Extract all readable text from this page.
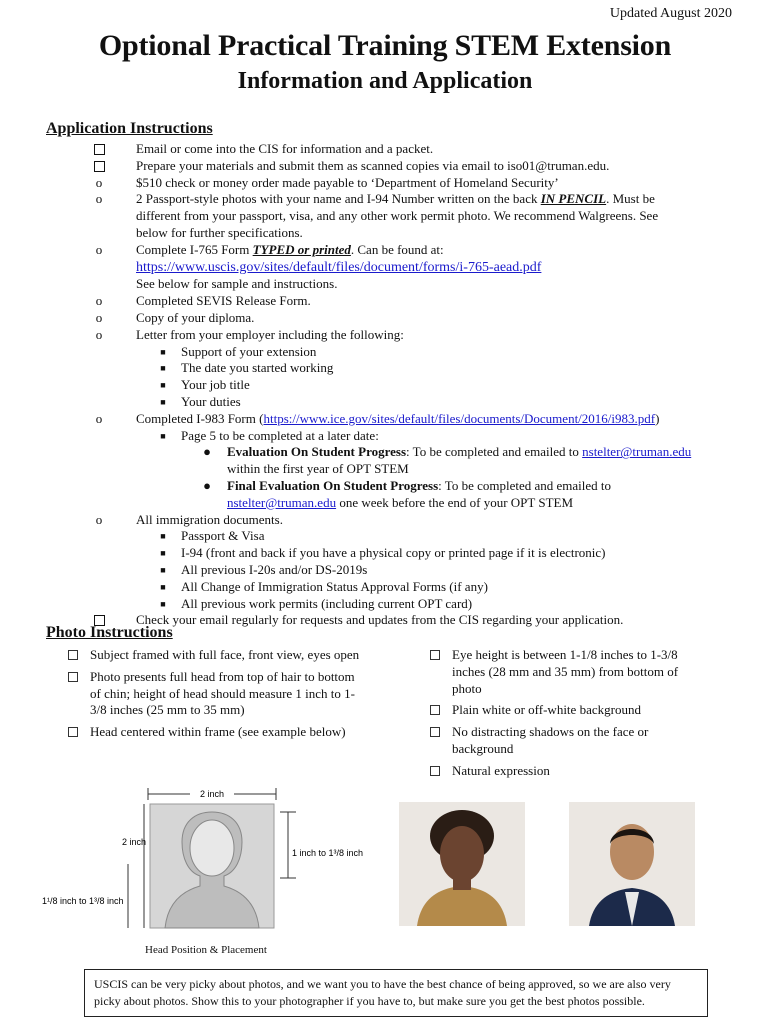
Updated August 2020
Optional Practical Training STEM Extension
Information and Application
Application Instructions
Email or come into the CIS for information and a packet.
Prepare your materials and submit them as scanned copies via email to iso01@truman.edu.
o	$510 check or money order made payable to ‘Department of Homeland Security’
o	2 Passport-style photos with your name and I-94 Number written on the back IN PENCIL. Must be
different from your passport, visa, and any other work permit photo. We recommend Walgreens. See
below for further specifications.
o	Complete I-765 Form TYPED or printed. Can be found at:
https://www.uscis.gov/sites/default/files/document/forms/i-765-aead.pdf
See below for sample and instructions.
o	Completed SEVIS Release Form.
o	Copy of your diploma.
o	Letter from your employer including the following:
■	Support of your extension
■	The date you started working
■	Your job title
■	Your duties
o	Completed I-983 Form (https://www.ice.gov/sites/default/files/documents/Document/2016/i983.pdf)
■	Page 5 to be completed at a later date:
● Evaluation On Student Progress: To be completed and emailed to nstelter@truman.edu
within the first year of OPT STEM
● Final Evaluation On Student Progress: To be completed and emailed to
nstelter@truman.edu one week before the end of your OPT STEM
o	All immigration documents.
■	Passport & Visa
■	I-94 (front and back if you have a physical copy or printed page if it is electronic)
■	All previous I-20s and/or DS-2019s
■	All Change of Immigration Status Approval Forms (if any)
■	All previous work permits (including current OPT card)
Check your email regularly for requests and updates from the CIS regarding your application.
Photo Instructions
Subject framed with full face, front view, eyes open
Photo presents full head from top of hair to bottom of chin; height of head should measure 1 inch to 1-3/8 inches (25 mm to 35 mm)
Head centered within frame (see example below)
Eye height is between 1-1/8 inches to 1-3/8 inches (28 mm and 35 mm) from bottom of photo
Plain white or off-white background
No distracting shadows on the face or background
Natural expression
2 inch
1 inch to 1³/8 inch
2 inch
1¹/8 inch to 1³/8 inch
Head Position & Placement
USCIS can be very picky about photos, and we want you to have the best chance of being approved, so we are also very picky about photos. Show this to your photographer if you have to, but make sure you get the best photos possible.
